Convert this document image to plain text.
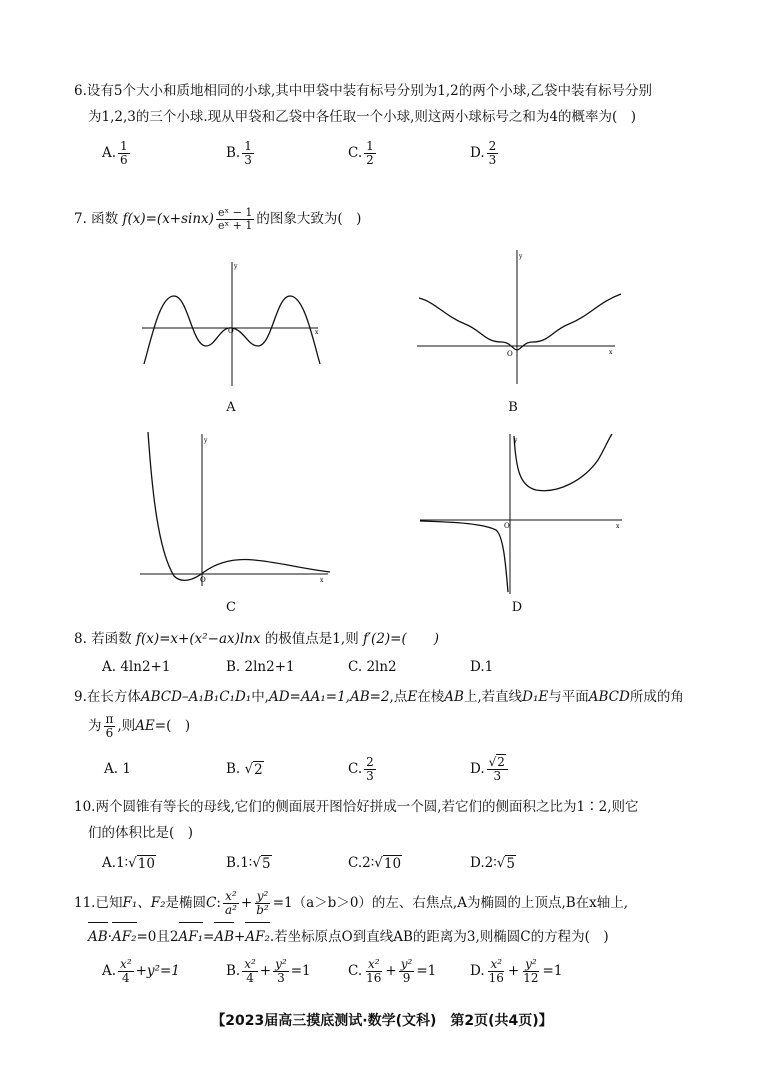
6.设有5个大小和质地相同的小球,其中甲袋中装有标号分别为1,2的两个小球,乙袋中装有标号分别
为1,2,3的三个小球.现从甲袋和乙袋中各任取一个小球,则这两小球标号之和为4的概率为(　)
A. $\frac{1}{6}$	B. $\frac{1}{3}$	C. $\frac{1}{2}$	D. $\frac{2}{3}$
7. 函数
$f(x)=(x+\sin x) \frac{\text{eˣ − 1}}{\text{eˣ + 1}}$ 的图象大致为(　)
O	x
y
A
O	x
y
B
O	x
y
C
O	x
y
D
8. 若函数 f(x)=x+(x²−ax)lnx 的极值点是1,则 f′(2)=(　　)
A.
4ln2+1	B.
2ln2+1	C.
2ln2	D. 1
9.在长方体ABCD–A₁B₁C₁D₁中,AD=AA₁=1,AB=2,点E在棱AB上,若直线D₁E与平面ABCD所成的角
为 $\frac{\pi}{6}$ ,则 AE =(　)
A.
1	B. √ 2	C. $\frac{2}{3}$	D. $\frac{√2}{3}$
10.两个圆锥有等长的母线,它们的侧面展开图恰好拼成一个圆,若它们的侧面积之比为1∶2,则它
们的体积比是(　)
A. 1∶ √ 10	B. 1∶ √ 5	C. 2∶ √ 10	D. 2∶ √ 5
11.已知 F₁、F₂ 是椭圆 C : $\frac{\text{x²}}{\text{a²}} + \frac{\text{y²}}{\text{b²}} =1(a>b>0)$的左、右焦点,A为椭圆的上顶点,B在x轴上,
AB·AF₂=0且2AF₁=AB+AF₂.若坐标原点O到直线AB的距离为3,则椭圆C的方程为(　)
A. $\frac{\text{x²}}{4} +y^2=1$	B. $\frac{\text{x²}}{4} + \frac{\text{y²}}{3} =1$	C. $\frac{\text{x²}}{16} + \frac{\text{y²}}{9} =1$	D. $\frac{\text{x²}}{16} + \frac{\text{y²}}{12} =1$
【2023届高三摸底测试·数学(文科)　第2页(共4页)】
